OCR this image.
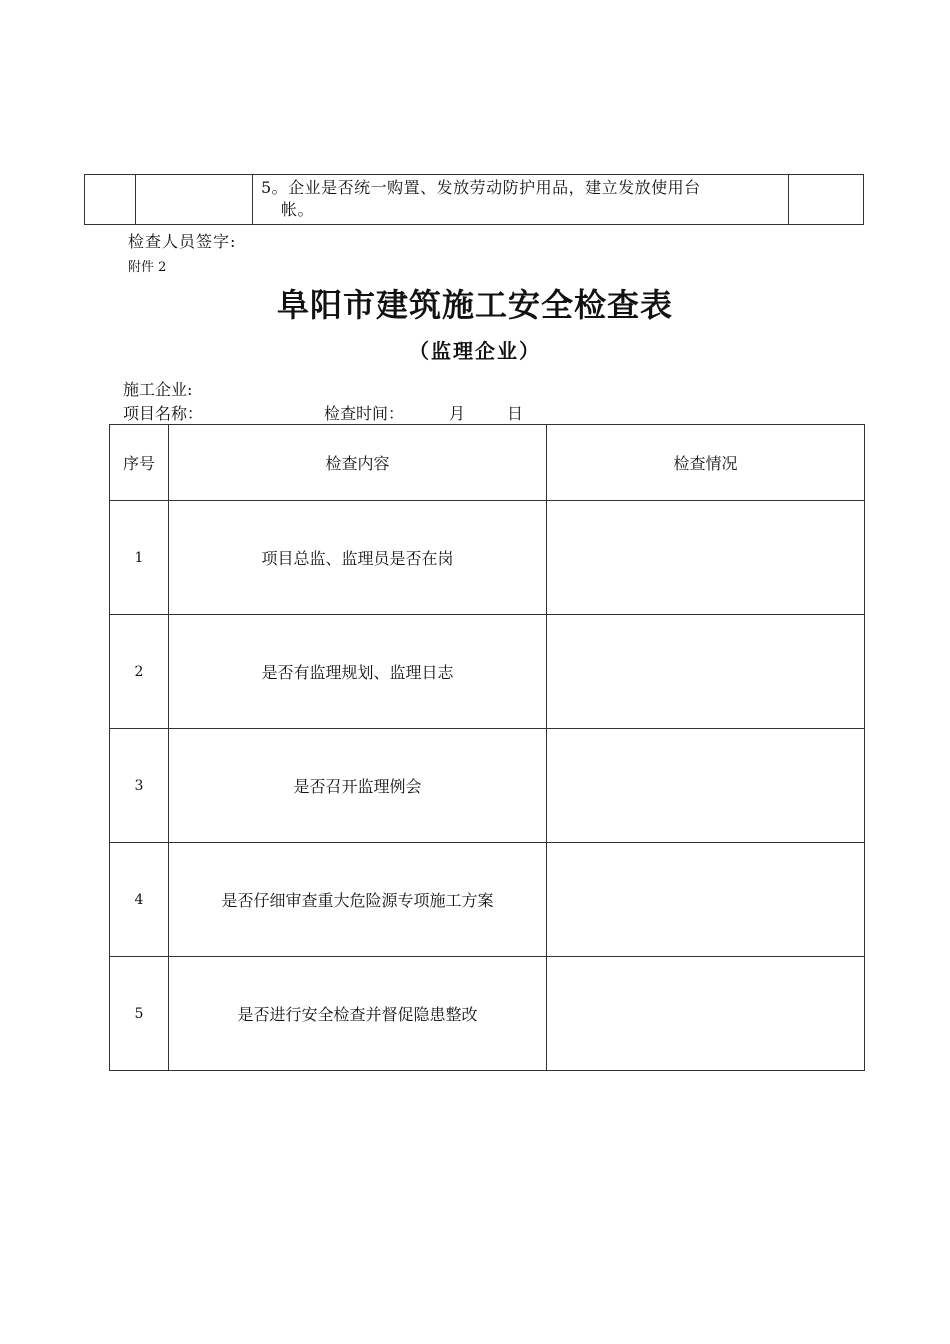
5。企业是否统一购置、发放劳动防护用品，建立发放使用台
帐。

检查人员签字:
附件 2
阜阳市建筑施工安全检查表
（监理企业）
施工企业:
项目名称：	检查时间：	月	日
序号	检查内容	检查情况
1	项目总监、监理员是否在岗	
2	是否有监理规划、监理日志	
3	是否召开监理例会	
4	是否仔细审查重大危险源专项施工方案	
5	是否进行安全检查并督促隐患整改	
